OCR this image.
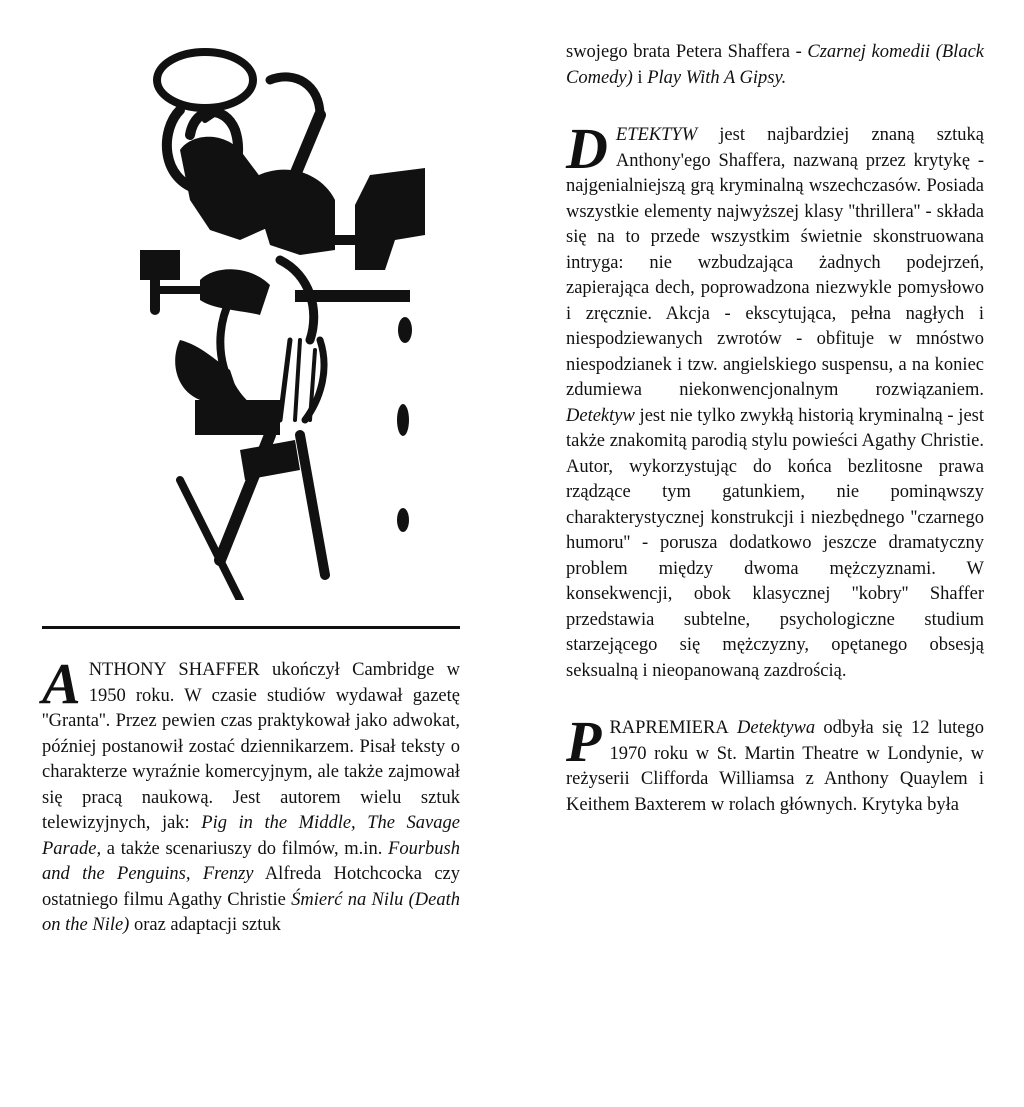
ANTHONY SHAFFER ukończył Cambridge w 1950 roku. W czasie studiów wydawał gazetę ''Granta''. Przez pewien czas praktykował jako adwokat, później postanowił zostać dziennikarzem. Pisał teksty o charakterze wyraźnie komercyjnym, ale także zajmował się pracą naukową. Jest autorem wielu sztuk telewizyjnych, jak: Pig in the Middle, The Savage Parade, a także scenariuszy do filmów, m.in. Fourbush and the Penguins, Frenzy Alfreda Hotchcocka czy ostatniego filmu Agathy Christie Śmierć na Nilu (Death on the Nile) oraz adaptacji sztuk

swojego brata Petera Shaffera - Czarnej komedii (Black Comedy) i Play With A Gipsy.

DETEKTYW jest najbardziej znaną sztuką Anthony'ego Shaffera, nazwaną przez krytykę - najgenialniejszą grą kryminalną wszechczasów. Posiada wszystkie elementy najwyższej klasy ''thrillera'' - składa się na to przede wszystkim świetnie skonstruowana intryga: nie wzbudzająca żadnych podejrzeń, zapierająca dech, poprowadzona niezwykle pomysłowo i zręcznie. Akcja - ekscytująca, pełna nagłych i niespodziewanych zwrotów - obfituje w mnóstwo niespodzianek i tzw. angielskiego suspensu, a na koniec zdumiewa niekonwencjonalnym rozwiązaniem. Detektyw jest nie tylko zwykłą historią kryminalną - jest także znakomitą parodią stylu powieści Agathy Christie. Autor, wykorzystując do końca bezlitosne prawa rządzące tym gatunkiem, nie pominąwszy charakterystycznej konstrukcji i niezbędnego ''czarnego humoru'' - porusza dodatkowo jeszcze dramatyczny problem między dwoma mężczyznami. W konsekwencji, obok klasycznej ''kobry'' Shaffer przedstawia subtelne, psychologiczne studium starzejącego się mężczyzny, opętanego obsesją seksualną i nieopanowaną zazdrością.

PRAPREMIERA Detektywa odbyła się 12 lutego 1970 roku w St. Martin Theatre w Londynie, w reżyserii Clifforda Williamsa z Anthony Quaylem i Keithem Baxterem w rolach głównych. Krytyka była
